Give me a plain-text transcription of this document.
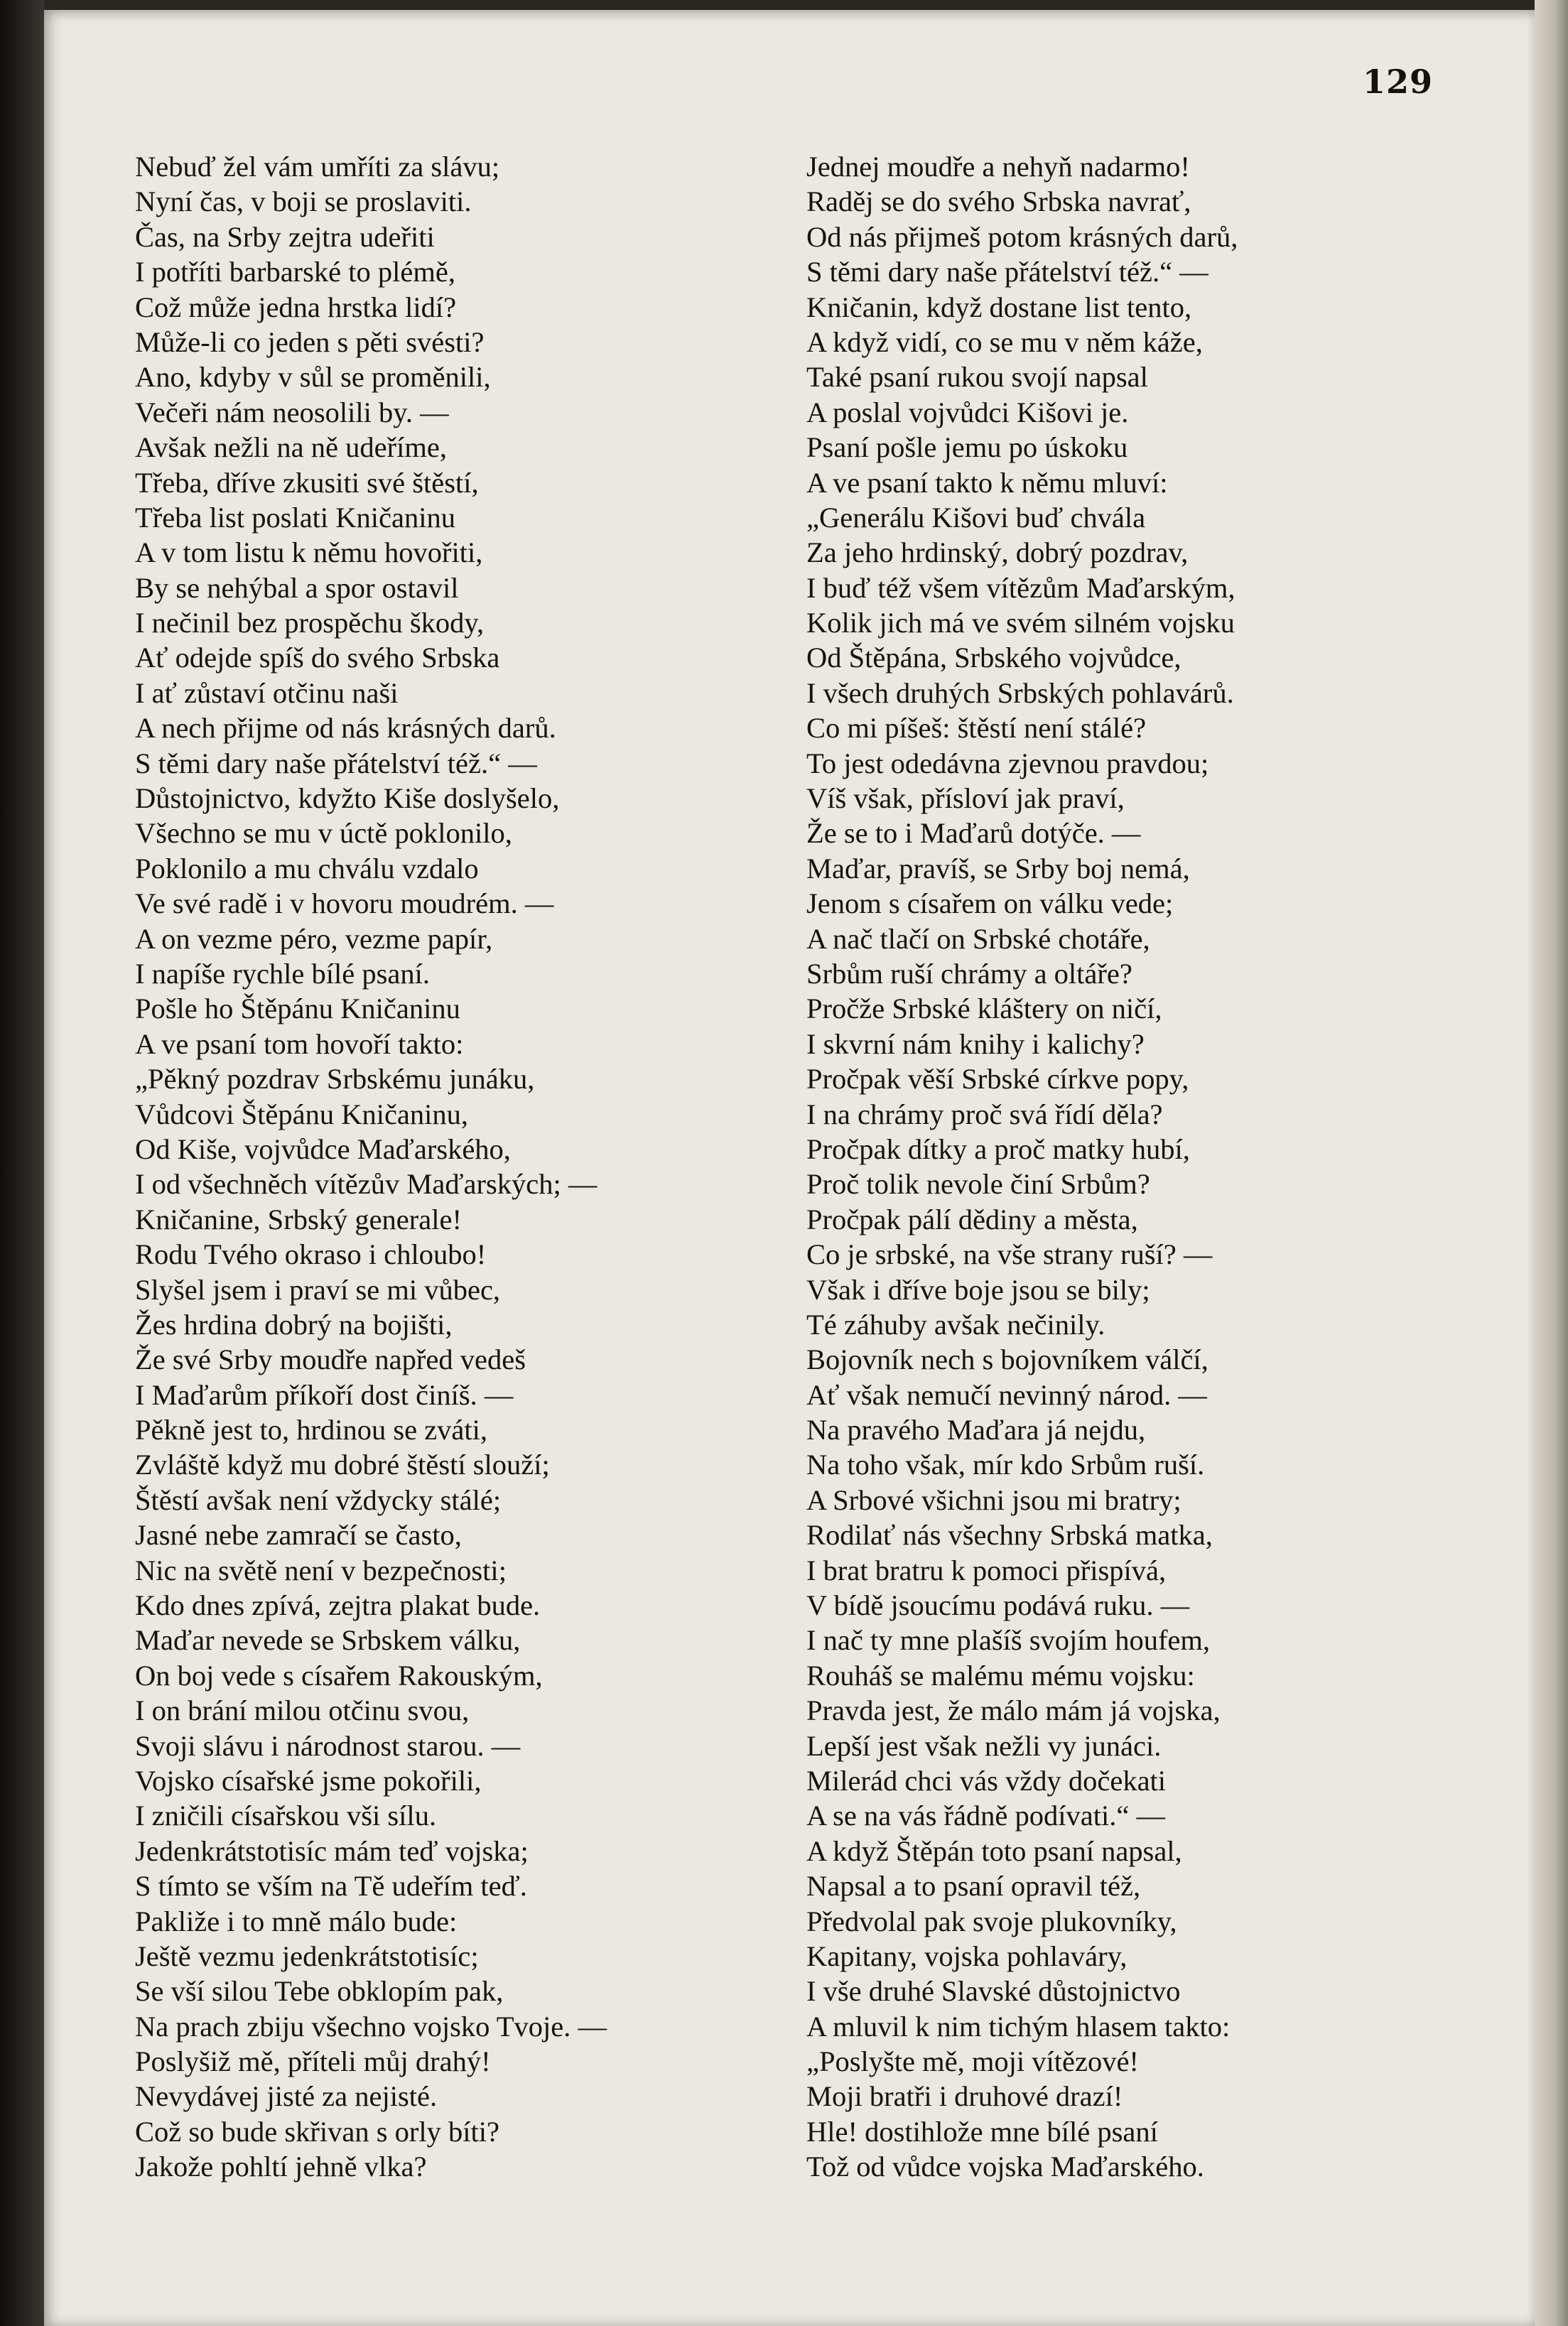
129
Nebuď žel vám umříti za slávu;
Nyní čas, v boji se proslaviti.
Čas, na Srby zejtra udeřiti
I potříti barbarské to plémě,
Což může jedna hrstka lidí?
Může-li co jeden s pěti svésti?
Ano, kdyby v sůl se proměnili,
Večeři nám neosolili by. —
Avšak nežli na ně udeříme,
Třeba, dříve zkusiti své štěstí,
Třeba list poslati Kničaninu
A v tom listu k němu hovořiti,
By se nehýbal a spor ostavil
I nečinil bez prospěchu škody,
Ať odejde spíš do svého Srbska
I ať zůstaví otčinu naši
A nech přijme od nás krásných darů.
S těmi dary naše přátelství též.“ —
Důstojnictvo, kdyžto Kiše doslyšelo,
Všechno se mu v úctě poklonilo,
Poklonilo a mu chválu vzdalo
Ve své radě i v hovoru moudrém. —
A on vezme péro, vezme papír,
I napíše rychle bílé psaní.
Pošle ho Štěpánu Kničaninu
A ve psaní tom hovoří takto:
„Pěkný pozdrav Srbskému junáku,
Vůdcovi Štěpánu Kničaninu,
Od Kiše, vojvůdce Maďarského,
I od všechněch vítězův Maďarských; —
Kničanine, Srbský generale!
Rodu Tvého okraso i chloubo!
Slyšel jsem i praví se mi vůbec,
Žes hrdina dobrý na bojišti,
Že své Srby moudře napřed vedeš
I Maďarům příkoří dost činíš. —
Pěkně jest to, hrdinou se zváti,
Zvláště když mu dobré štěstí slouží;
Štěstí avšak není vždycky stálé;
Jasné nebe zamračí se často,
Nic na světě není v bezpečnosti;
Kdo dnes zpívá, zejtra plakat bude.
Maďar nevede se Srbskem válku,
On boj vede s císařem Rakouským,
I on brání milou otčinu svou,
Svoji slávu i národnost starou. —
Vojsko císařské jsme pokořili,
I zničili císařskou vši sílu.
Jedenkrátstotisíc mám teď vojska;
S tímto se vším na Tě udeřím teď.
Pakliže i to mně málo bude:
Ještě vezmu jedenkrátstotisíc;
Se vší silou Tebe obklopím pak,
Na prach zbiju všechno vojsko Tvoje. —
Poslyšiž mě, příteli můj drahý!
Nevydávej jisté za nejisté.
Což so bude skřivan s orly bíti?
Jakože pohltí jehně vlka?
Jednej moudře a nehyň nadarmo!
Raděj se do svého Srbska navrať,
Od nás přijmeš potom krásných darů,
S těmi dary naše přátelství též.“ —
Kničanin, když dostane list tento,
A když vidí, co se mu v něm káže,
Také psaní rukou svojí napsal
A poslal vojvůdci Kišovi je.
Psaní pošle jemu po úskoku
A ve psaní takto k němu mluví:
„Generálu Kišovi buď chvála
Za jeho hrdinský, dobrý pozdrav,
I buď též všem vítězům Maďarským,
Kolik jich má ve svém silném vojsku
Od Štěpána, Srbského vojvůdce,
I všech druhých Srbských pohlavárů.
Co mi píšeš: štěstí není stálé?
To jest odedávna zjevnou pravdou;
Víš však, přísloví jak praví,
Že se to i Maďarů dotýče. —
Maďar, pravíš, se Srby boj nemá,
Jenom s císařem on válku vede;
A nač tlačí on Srbské chotáře,
Srbům ruší chrámy a oltáře?
Pročže Srbské kláštery on ničí,
I skvrní nám knihy i kalichy?
Pročpak věší Srbské církve popy,
I na chrámy proč svá řídí děla?
Pročpak dítky a proč matky hubí,
Proč tolik nevole činí Srbům?
Pročpak pálí dědiny a města,
Co je srbské, na vše strany ruší? —
Však i dříve boje jsou se bily;
Té záhuby avšak nečinily.
Bojovník nech s bojovníkem válčí,
Ať však nemučí nevinný národ. —
Na pravého Maďara já nejdu,
Na toho však, mír kdo Srbům ruší.
A Srbové všichni jsou mi bratry;
Rodilať nás všechny Srbská matka,
I brat bratru k pomoci přispívá,
V bídě jsoucímu podává ruku. —
I nač ty mne plašíš svojím houfem,
Rouháš se malému mému vojsku:
Pravda jest, že málo mám já vojska,
Lepší jest však nežli vy junáci.
Milerád chci vás vždy dočekati
A se na vás řádně podívati.“ —
A když Štěpán toto psaní napsal,
Napsal a to psaní opravil též,
Předvolal pak svoje plukovníky,
Kapitany, vojska pohlaváry,
I vše druhé Slavské důstojnictvo
A mluvil k nim tichým hlasem takto:
„Poslyšte mě, moji vítězové!
Moji bratři i druhové drazí!
Hle! dostihlože mne bílé psaní
Tož od vůdce vojska Maďarského.
